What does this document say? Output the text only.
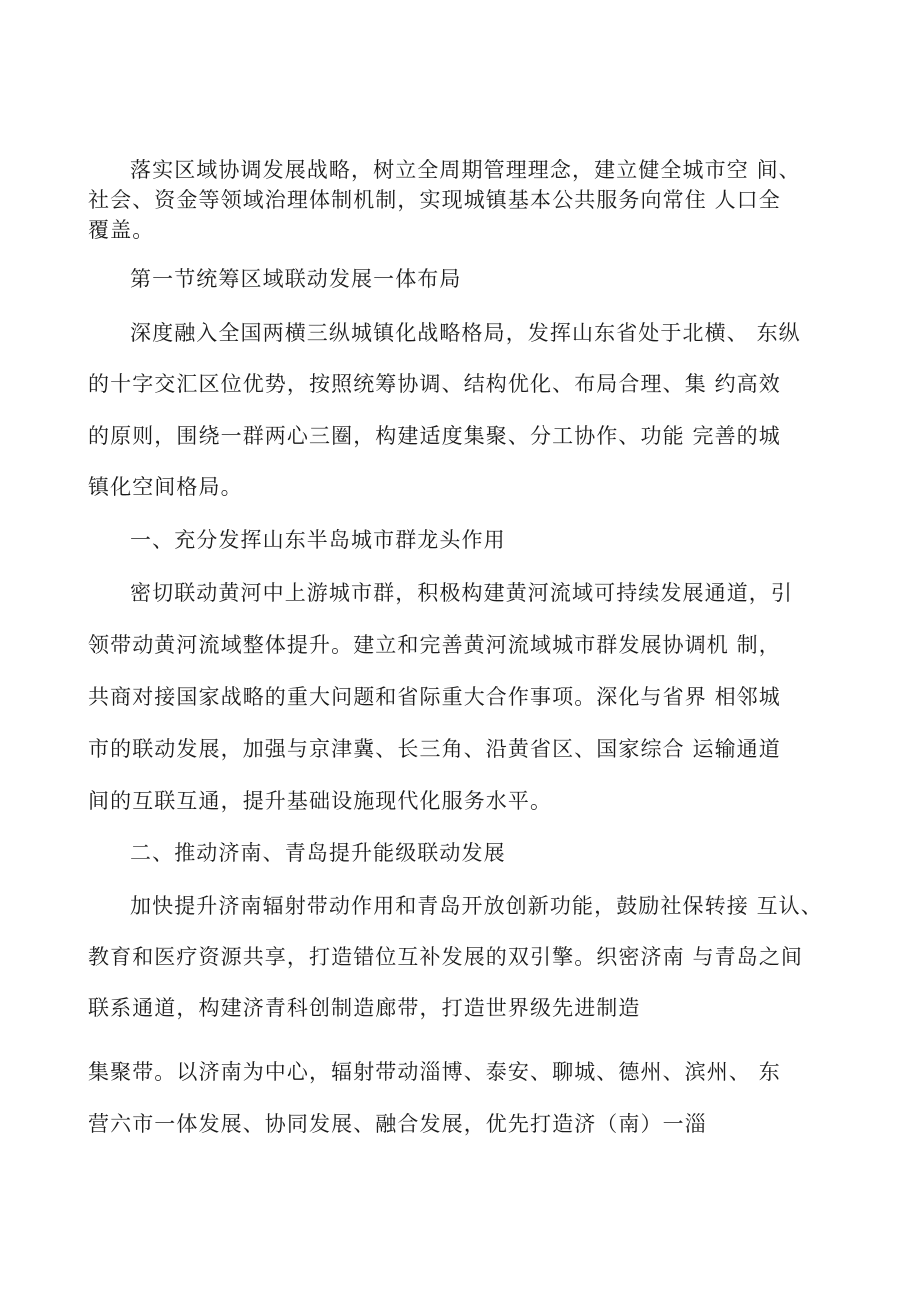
落实区域协调发展战略，树立全周期管理理念，建立健全城市空 间、
社会、资金等领域治理体制机制，实现城镇基本公共服务向常住 人口全
覆盖。
第一节统筹区域联动发展一体布局
深度融入全国两横三纵城镇化战略格局，发挥山东省处于北横、 东纵
的十字交汇区位优势，按照统筹协调、结构优化、布局合理、集 约高效
的原则，围绕一群两心三圈，构建适度集聚、分工协作、功能 完善的城
镇化空间格局。
一、充分发挥山东半岛城市群龙头作用
密切联动黄河中上游城市群，积极构建黄河流域可持续发展通道，引
领带动黄河流域整体提升。建立和完善黄河流域城市群发展协调机 制，
共商对接国家战略的重大问题和省际重大合作事项。深化与省界 相邻城
市的联动发展，加强与京津冀、长三角、沿黄省区、国家综合 运输通道
间的互联互通，提升基础设施现代化服务水平。
二、推动济南、青岛提升能级联动发展
加快提升济南辐射带动作用和青岛开放创新功能，鼓励社保转接 互认、
教育和医疗资源共享，打造错位互补发展的双引擎。织密济南 与青岛之间
联系通道，构建济青科创制造廊带，打造世界级先进制造
集聚带。以济南为中心，辐射带动淄博、泰安、聊城、德州、滨州、 东
营六市一体发展、协同发展、融合发展，优先打造济（南）一淄
